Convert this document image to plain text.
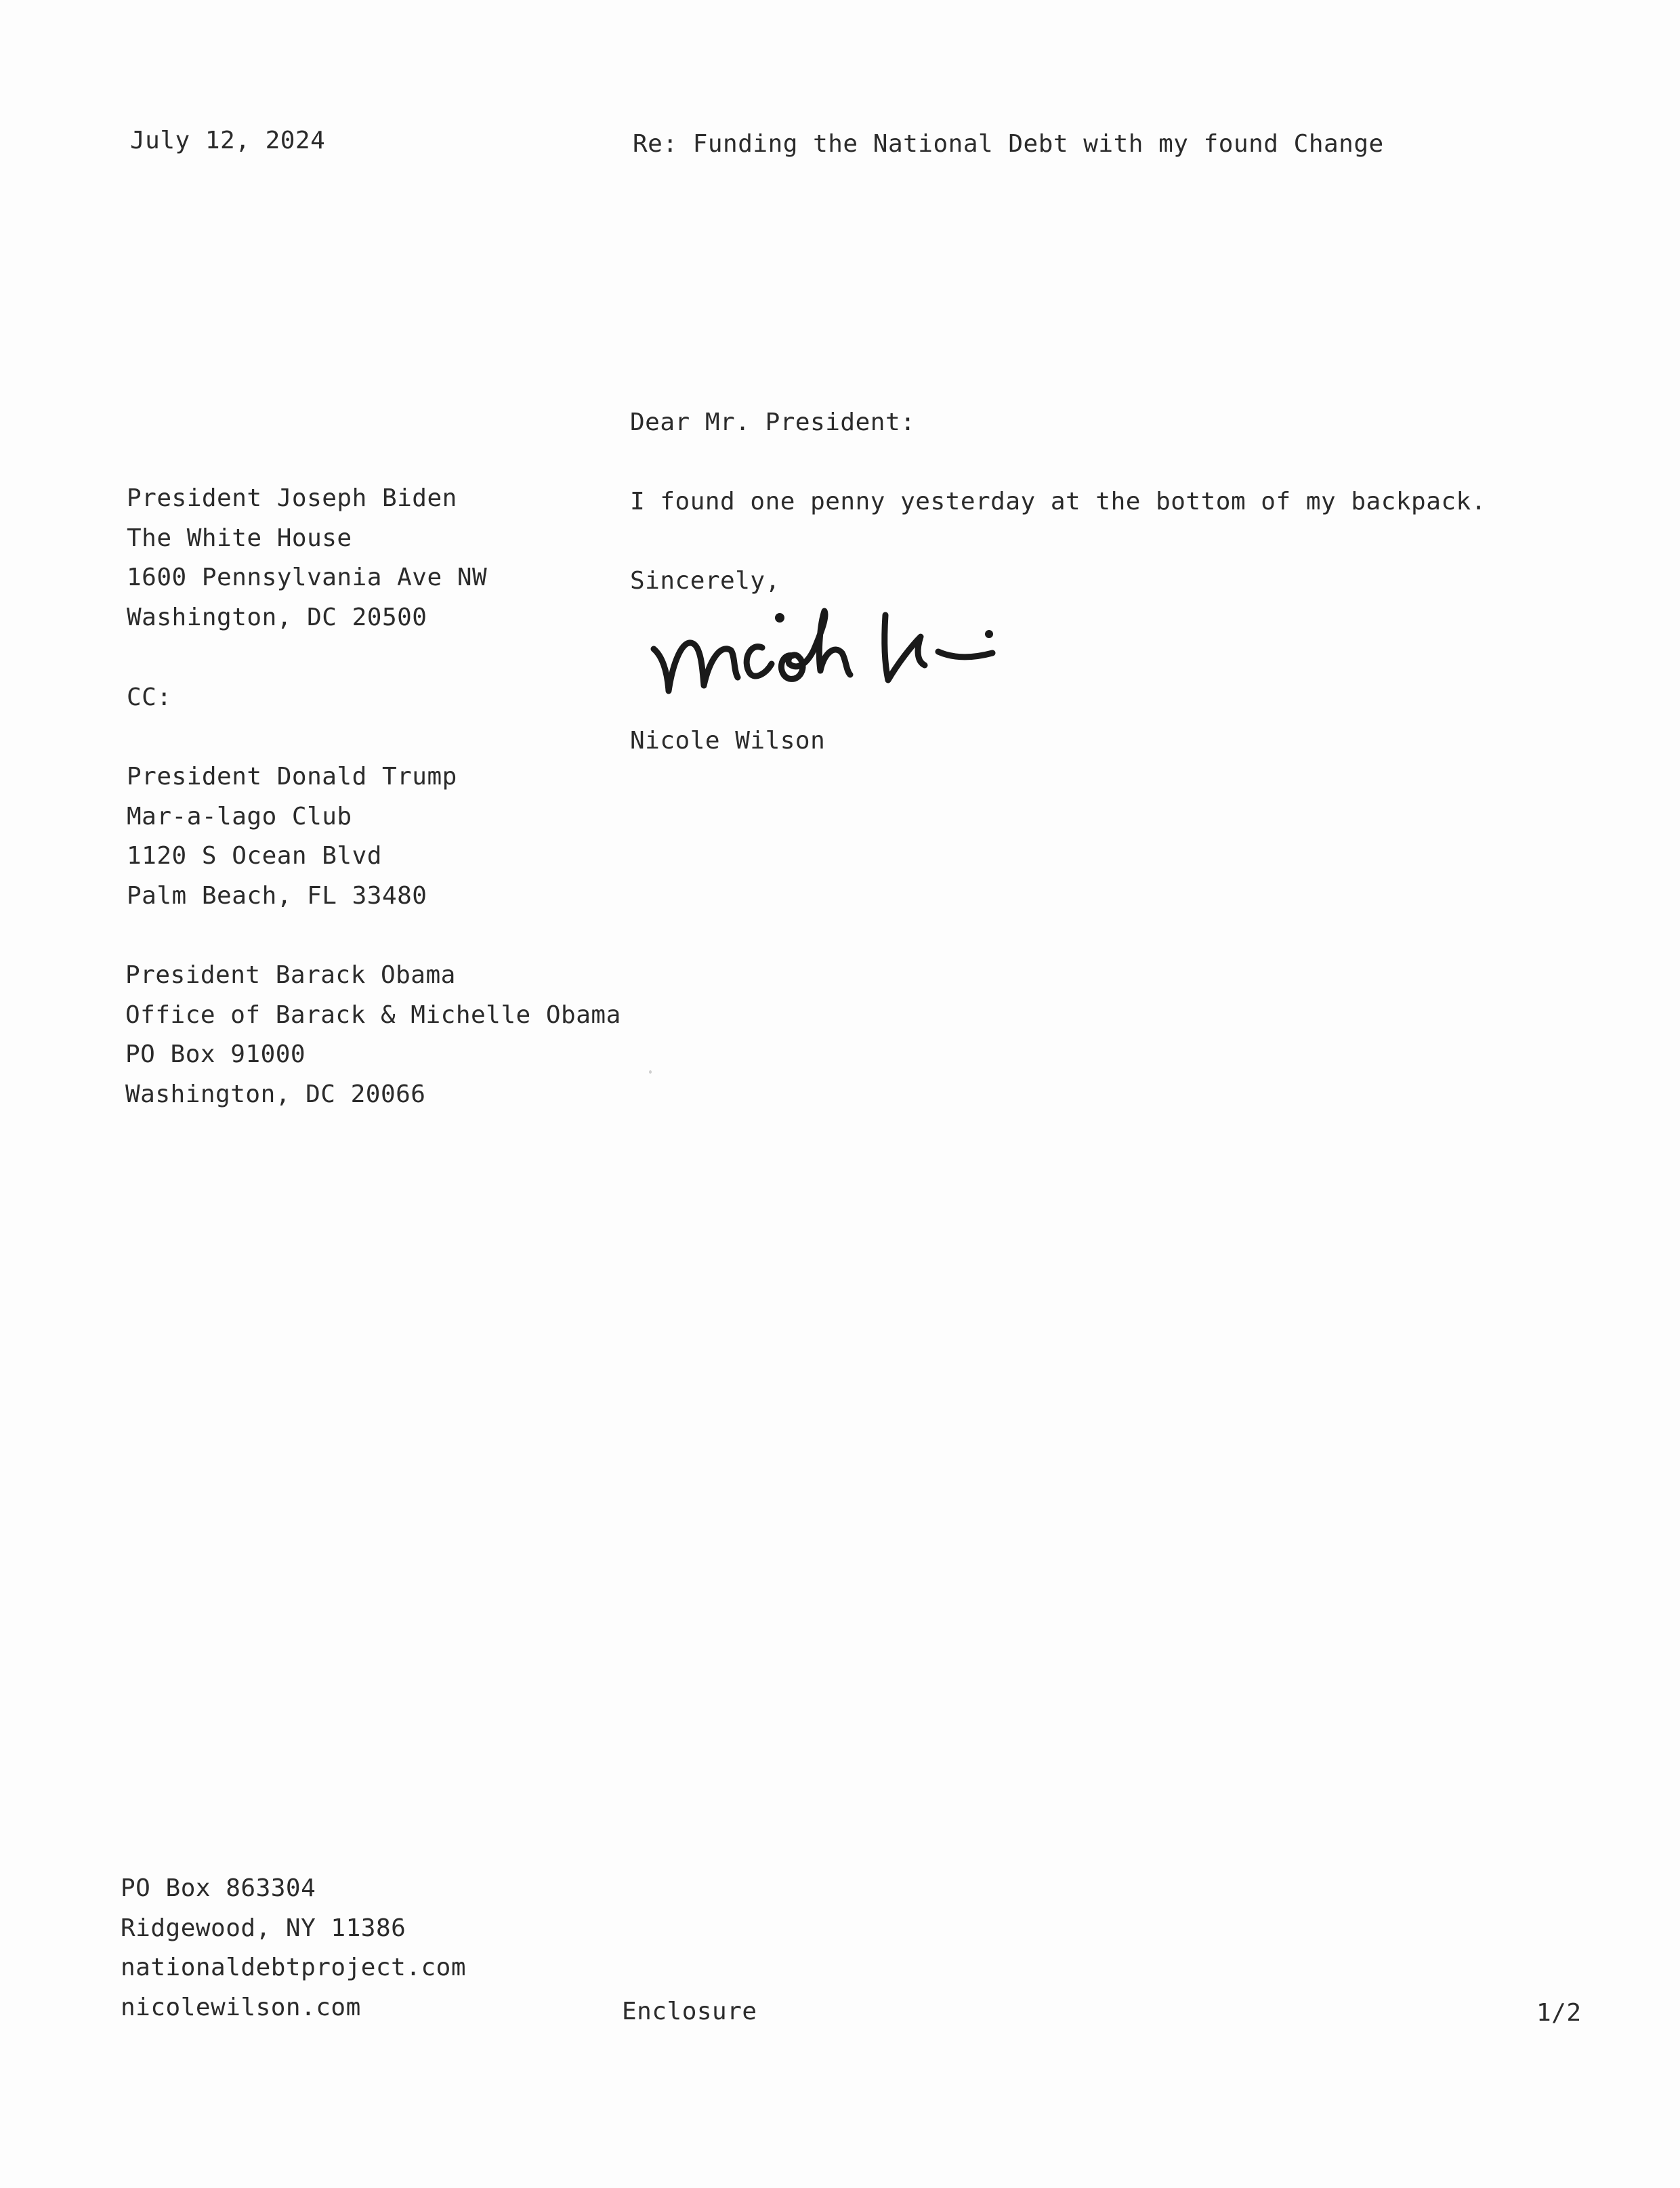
July 12, 2024	Re: Funding the National Debt with my found Change
Dear Mr. President:
I found one penny yesterday at the bottom of my backpack.
Sincerely,
Nicole Wilson
President Joseph Biden
The White House
1600 Pennsylvania Ave NW
Washington, DC 20500
CC:
President Donald Trump
Mar-a-lago Club
1120 S Ocean Blvd
Palm Beach, FL 33480
President Barack Obama
Office of Barack & Michelle Obama
PO Box 91000
Washington, DC 20066
PO Box 863304
Ridgewood, NY 11386
nationaldebtproject.com
nicolewilson.com	Enclosure	1/2
